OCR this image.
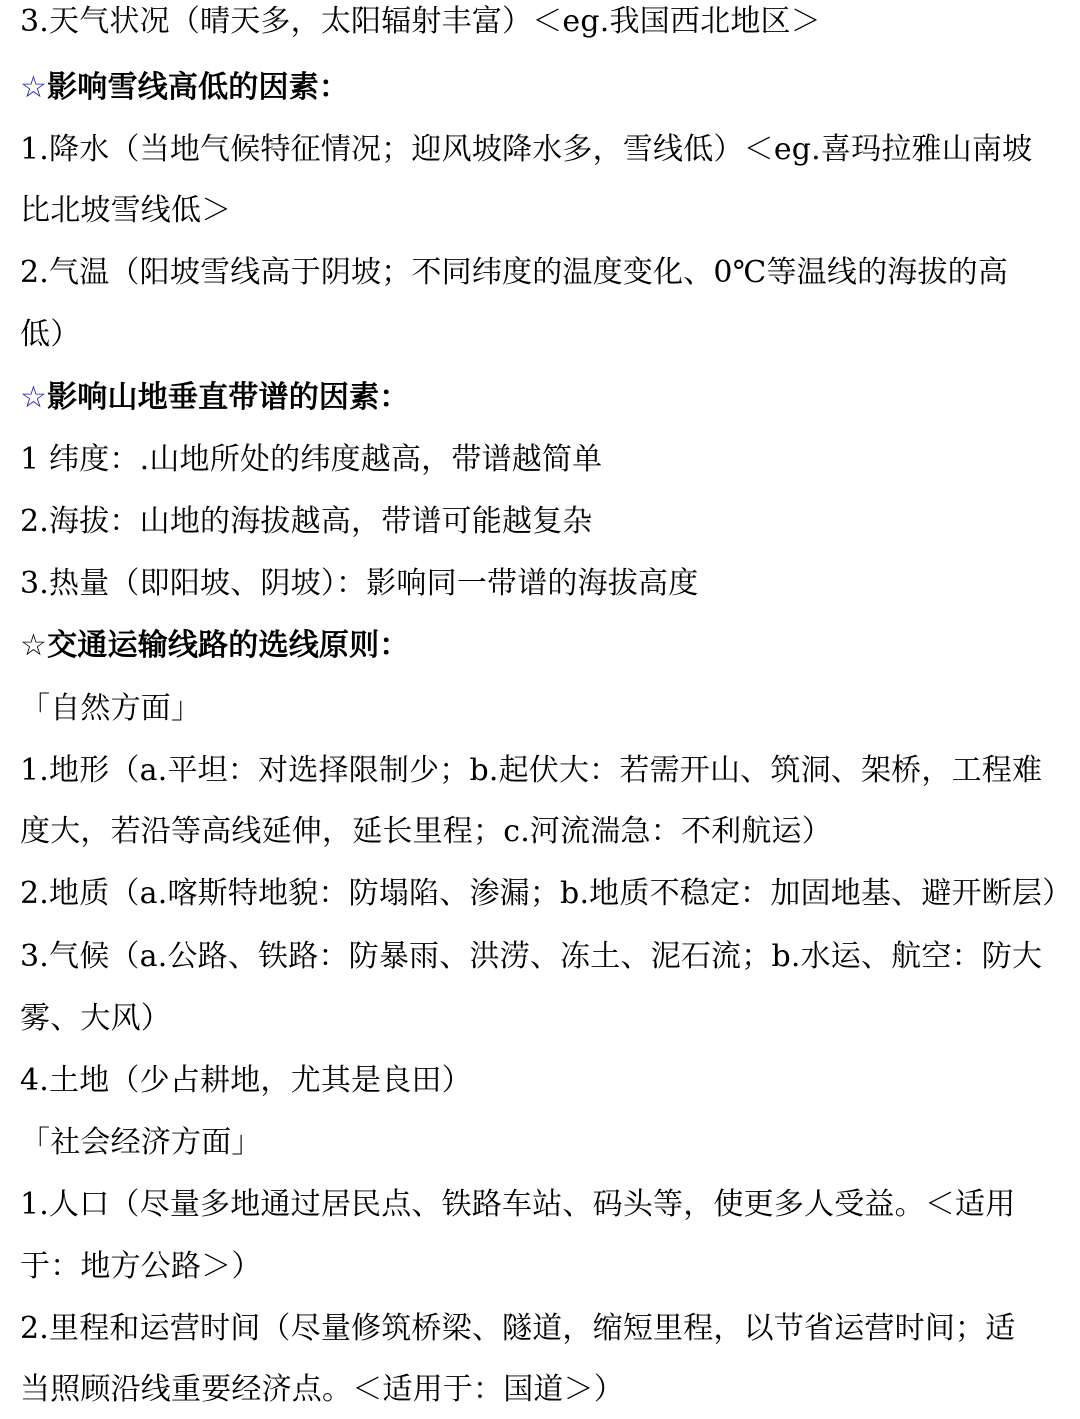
3.天气状况（晴天多，太阳辐射丰富）＜eg.我国西北地区＞
☆影响雪线高低的因素：
1.降水（当地气候特征情况；迎风坡降水多，雪线低）＜eg.喜玛拉雅山南坡
比北坡雪线低＞
2.气温（阳坡雪线高于阴坡；不同纬度的温度变化、0℃等温线的海拔的高
低）
☆影响山地垂直带谱的因素：
1 纬度：.山地所处的纬度越高，带谱越简单
2.海拔：山地的海拔越高，带谱可能越复杂
3.热量（即阳坡、阴坡）：影响同一带谱的海拔高度
☆交通运输线路的选线原则：
「自然方面」
1.地形（a.平坦：对选择限制少；b.起伏大：若需开山、筑洞、架桥，工程难
度大，若沿等高线延伸，延长里程；c.河流湍急：不利航运）
2.地质（a.喀斯特地貌：防塌陷、渗漏；b.地质不稳定：加固地基、避开断层）
3.气候（a.公路、铁路：防暴雨、洪涝、冻土、泥石流；b.水运、航空：防大
雾、大风）
4.土地（少占耕地，尤其是良田）
「社会经济方面」
1.人口（尽量多地通过居民点、铁路车站、码头等，使更多人受益。＜适用
于：地方公路＞）
2.里程和运营时间（尽量修筑桥梁、隧道，缩短里程，以节省运营时间；适
当照顾沿线重要经济点。＜适用于：国道＞）
